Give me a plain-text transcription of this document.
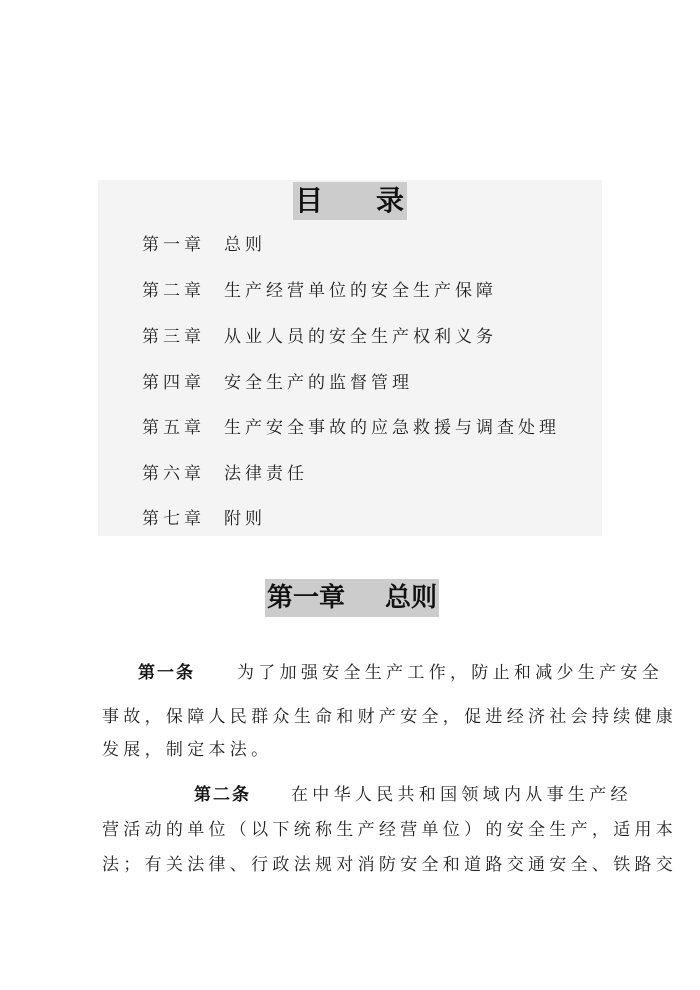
目 录
第一章 总则
第二章 生产经营单位的安全生产保障
第三章 从业人员的安全生产权利义务
第四章 安全生产的监督管理
第五章 生产安全事故的应急救援与调查处理
第六章 法律责任
第七章 附则
第一章 总则
第一条 为了加强安全生产工作，防止和减少生产安全
事故，保障人民群众生命和财产安全，促进经济社会持续健康
发展，制定本法。
第二条 在中华人民共和国领域内从事生产经
营活动的单位（以下统称生产经营单位）的安全生产，适用本
法；有关法律、行政法规对消防安全和道路交通安全、铁路交
